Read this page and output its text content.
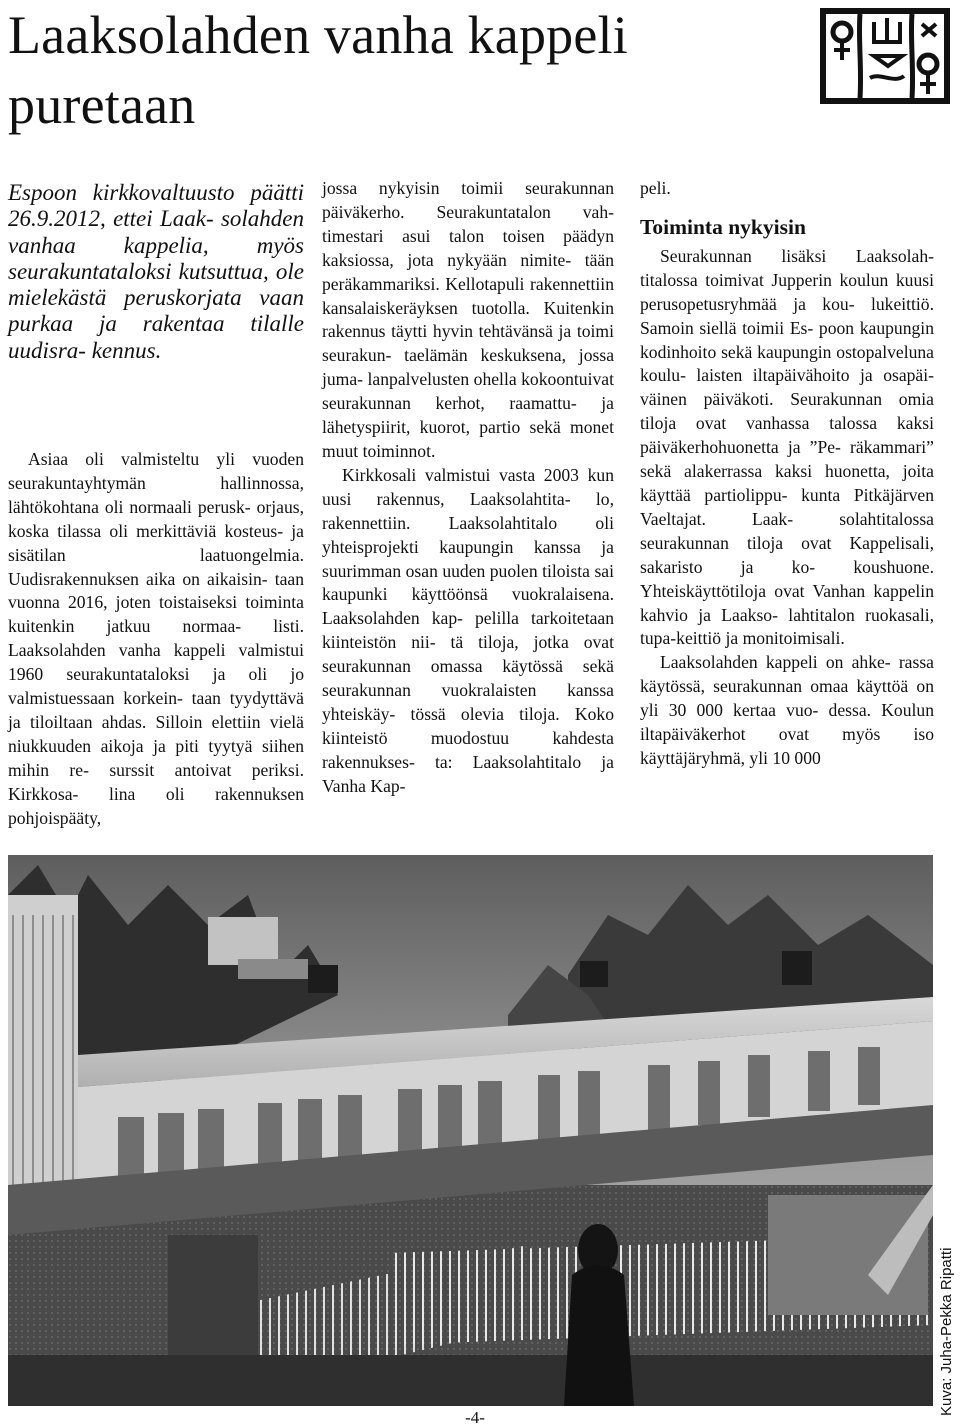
Laaksolahden vanha kappeli puretaan
Espoon kirkkovaltuusto päätti 26.9.2012, ettei Laak- solahden vanhaa kappelia, myös seurakuntataloksi kutsuttua, ole mielekästä peruskorjata vaan purkaa ja rakentaa tilalle uudisra- kennus.

Asiaa oli valmisteltu yli vuoden seurakuntayhtymän hallinnossa, lähtökohtana oli normaali perusk- orjaus, koska tilassa oli merkittäviä kosteus- ja sisätilan laatuongelmia. Uudisrakennuksen aika on aikaisin- taan vuonna 2016, joten toistaiseksi toiminta kuitenkin jatkuu normaa- listi. Laaksolahden vanha kappeli valmistui 1960 seurakuntataloksi ja oli jo valmistuessaan korkein- taan tyydyttävä ja tiloiltaan ahdas. Silloin elettiin vielä niukkuuden aikoja ja piti tyytyä siihen mihin re- surssit antoivat periksi. Kirkkosa- lina oli rakennuksen pohjoispääty,

jossa nykyisin toimii seurakunnan päiväkerho. Seurakuntatalon vah- timestari asui talon toisen päädyn kaksiossa, jota nykyään nimite- tään peräkammariksi. Kellotapuli rakennettiin kansalaiskeräyksen tuotolla. Kuitenkin rakennus täytti hyvin tehtävänsä ja toimi seurakun- taelämän keskuksena, jossa juma- lanpalvelusten ohella kokoontuivat seurakunnan kerhot, raamattu- ja lähetyspiirit, kuorot, partio sekä monet muut toiminnot.

Kirkkosali valmistui vasta 2003 kun uusi rakennus, Laaksolahtita- lo, rakennettiin. Laaksolahtitalo oli yhteisprojekti kaupungin kanssa ja suurimman osan uuden puolen tiloista sai kaupunki käyttöönsä vuokralaisena. Laaksolahden kap- pelilla tarkoitetaan kiinteistön nii- tä tiloja, jotka ovat seurakunnan omassa käytössä sekä seurakunnan vuokralaisten kanssa yhteiskäy- tössä olevia tiloja. Koko kiinteistö muodostuu kahdesta rakennukses- ta: Laaksolahtitalo ja Vanha Kap-

peli.

Toiminta nykyisin

Seurakunnan lisäksi Laaksolah- titalossa toimivat Jupperin koulun kuusi perusopetusryhmää ja kou- lukeittiö. Samoin siellä toimii Es- poon kaupungin kodinhoito sekä kaupungin ostopalveluna koulu- laisten iltapäivähoito ja osapäi- väinen päiväkoti. Seurakunnan omia tiloja ovat vanhassa talossa kaksi päiväkerhohuonetta ja ”Pe- räkammari” sekä alakerrassa kaksi huonetta, joita käyttää partiolippu- kunta Pitkäjärven Vaeltajat. Laak- solahtitalossa seurakunnan tiloja ovat Kappelisali, sakaristo ja ko- koushuone. Yhteiskäyttötiloja ovat Vanhan kappelin kahvio ja Laakso- lahtitalon ruokasali, tupa-keittiö ja monitoimisali.

Laaksolahden kappeli on ahke- rassa käytössä, seurakunnan omaa käyttöä on yli 30 000 kertaa vuo- dessa. Koulun iltapäiväkerhot ovat myös iso käyttäjäryhmä, yli 10 000

Kuva: Juha-Pekka Ripatti
-4-
